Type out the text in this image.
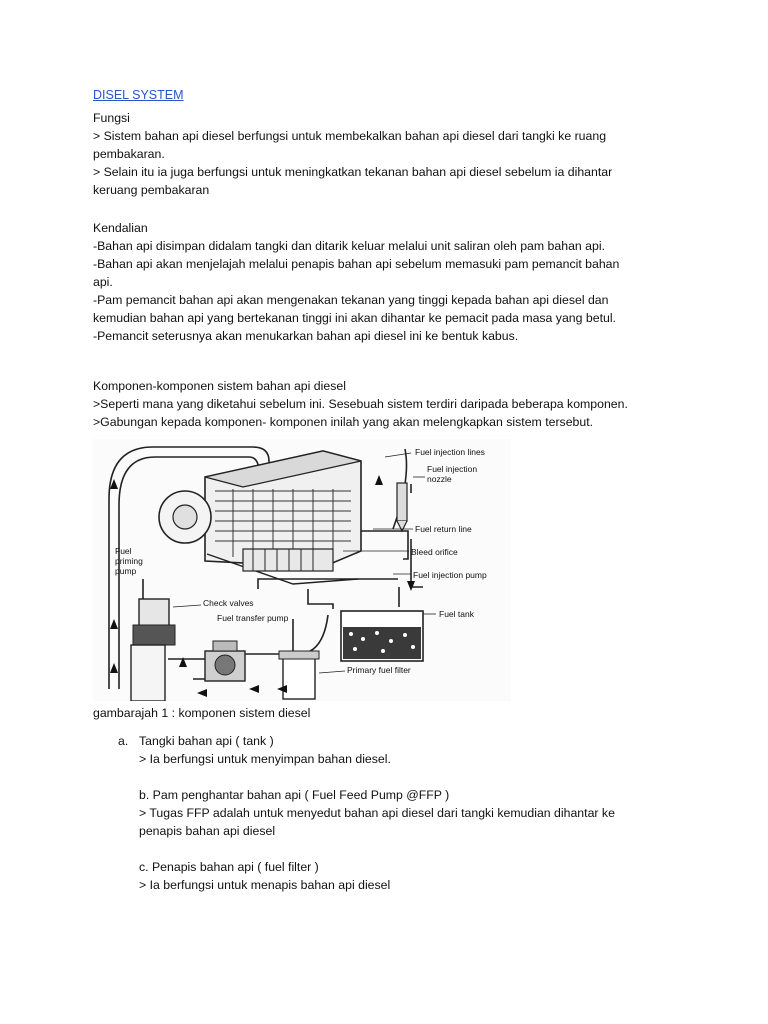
DISEL SYSTEM
Fungsi
> Sistem bahan api diesel berfungsi untuk membekalkan bahan api diesel dari tangki ke ruang
pembakaran.
> Selain itu ia juga berfungsi untuk meningkatkan tekanan bahan api diesel sebelum ia dihantar
keruang pembakaran
Kendalian
-Bahan api disimpan didalam tangki dan ditarik keluar melalui unit saliran oleh pam bahan api.
-Bahan api akan menjelajah melalui penapis bahan api sebelum memasuki pam pemancit bahan
api.
-Pam pemancit bahan api akan mengenakan tekanan yang tinggi kepada bahan api diesel dan
kemudian bahan api yang bertekanan tinggi ini akan dihantar ke pemacit pada masa yang betul.
-Pemancit seterusnya akan menukarkan bahan api diesel ini ke bentuk kabus.
Komponen-komponen sistem bahan api diesel
>Seperti mana yang diketahui sebelum ini. Sesebuah sistem terdiri daripada beberapa komponen.
>Gabungan kepada komponen- komponen inilah yang akan melengkapkan sistem tersebut.
Fuel injection lines
Fuel injection
nozzle
Fuel return line
Bleed orifice
Fuel injection pump
Fuel tank
Fuel
priming
pump
Check valves
Fuel transfer pump
Primary fuel filter
gambarajah 1 : komponen sistem diesel
a. Tangki bahan api ( tank )
> Ia berfungsi untuk menyimpan bahan diesel.
b. Pam penghantar bahan api ( Fuel Feed Pump @FFP )
> Tugas FFP adalah untuk menyedut bahan api diesel dari tangki kemudian dihantar ke
penapis bahan api diesel
c. Penapis bahan api ( fuel filter )
> Ia berfungsi untuk menapis bahan api diesel
